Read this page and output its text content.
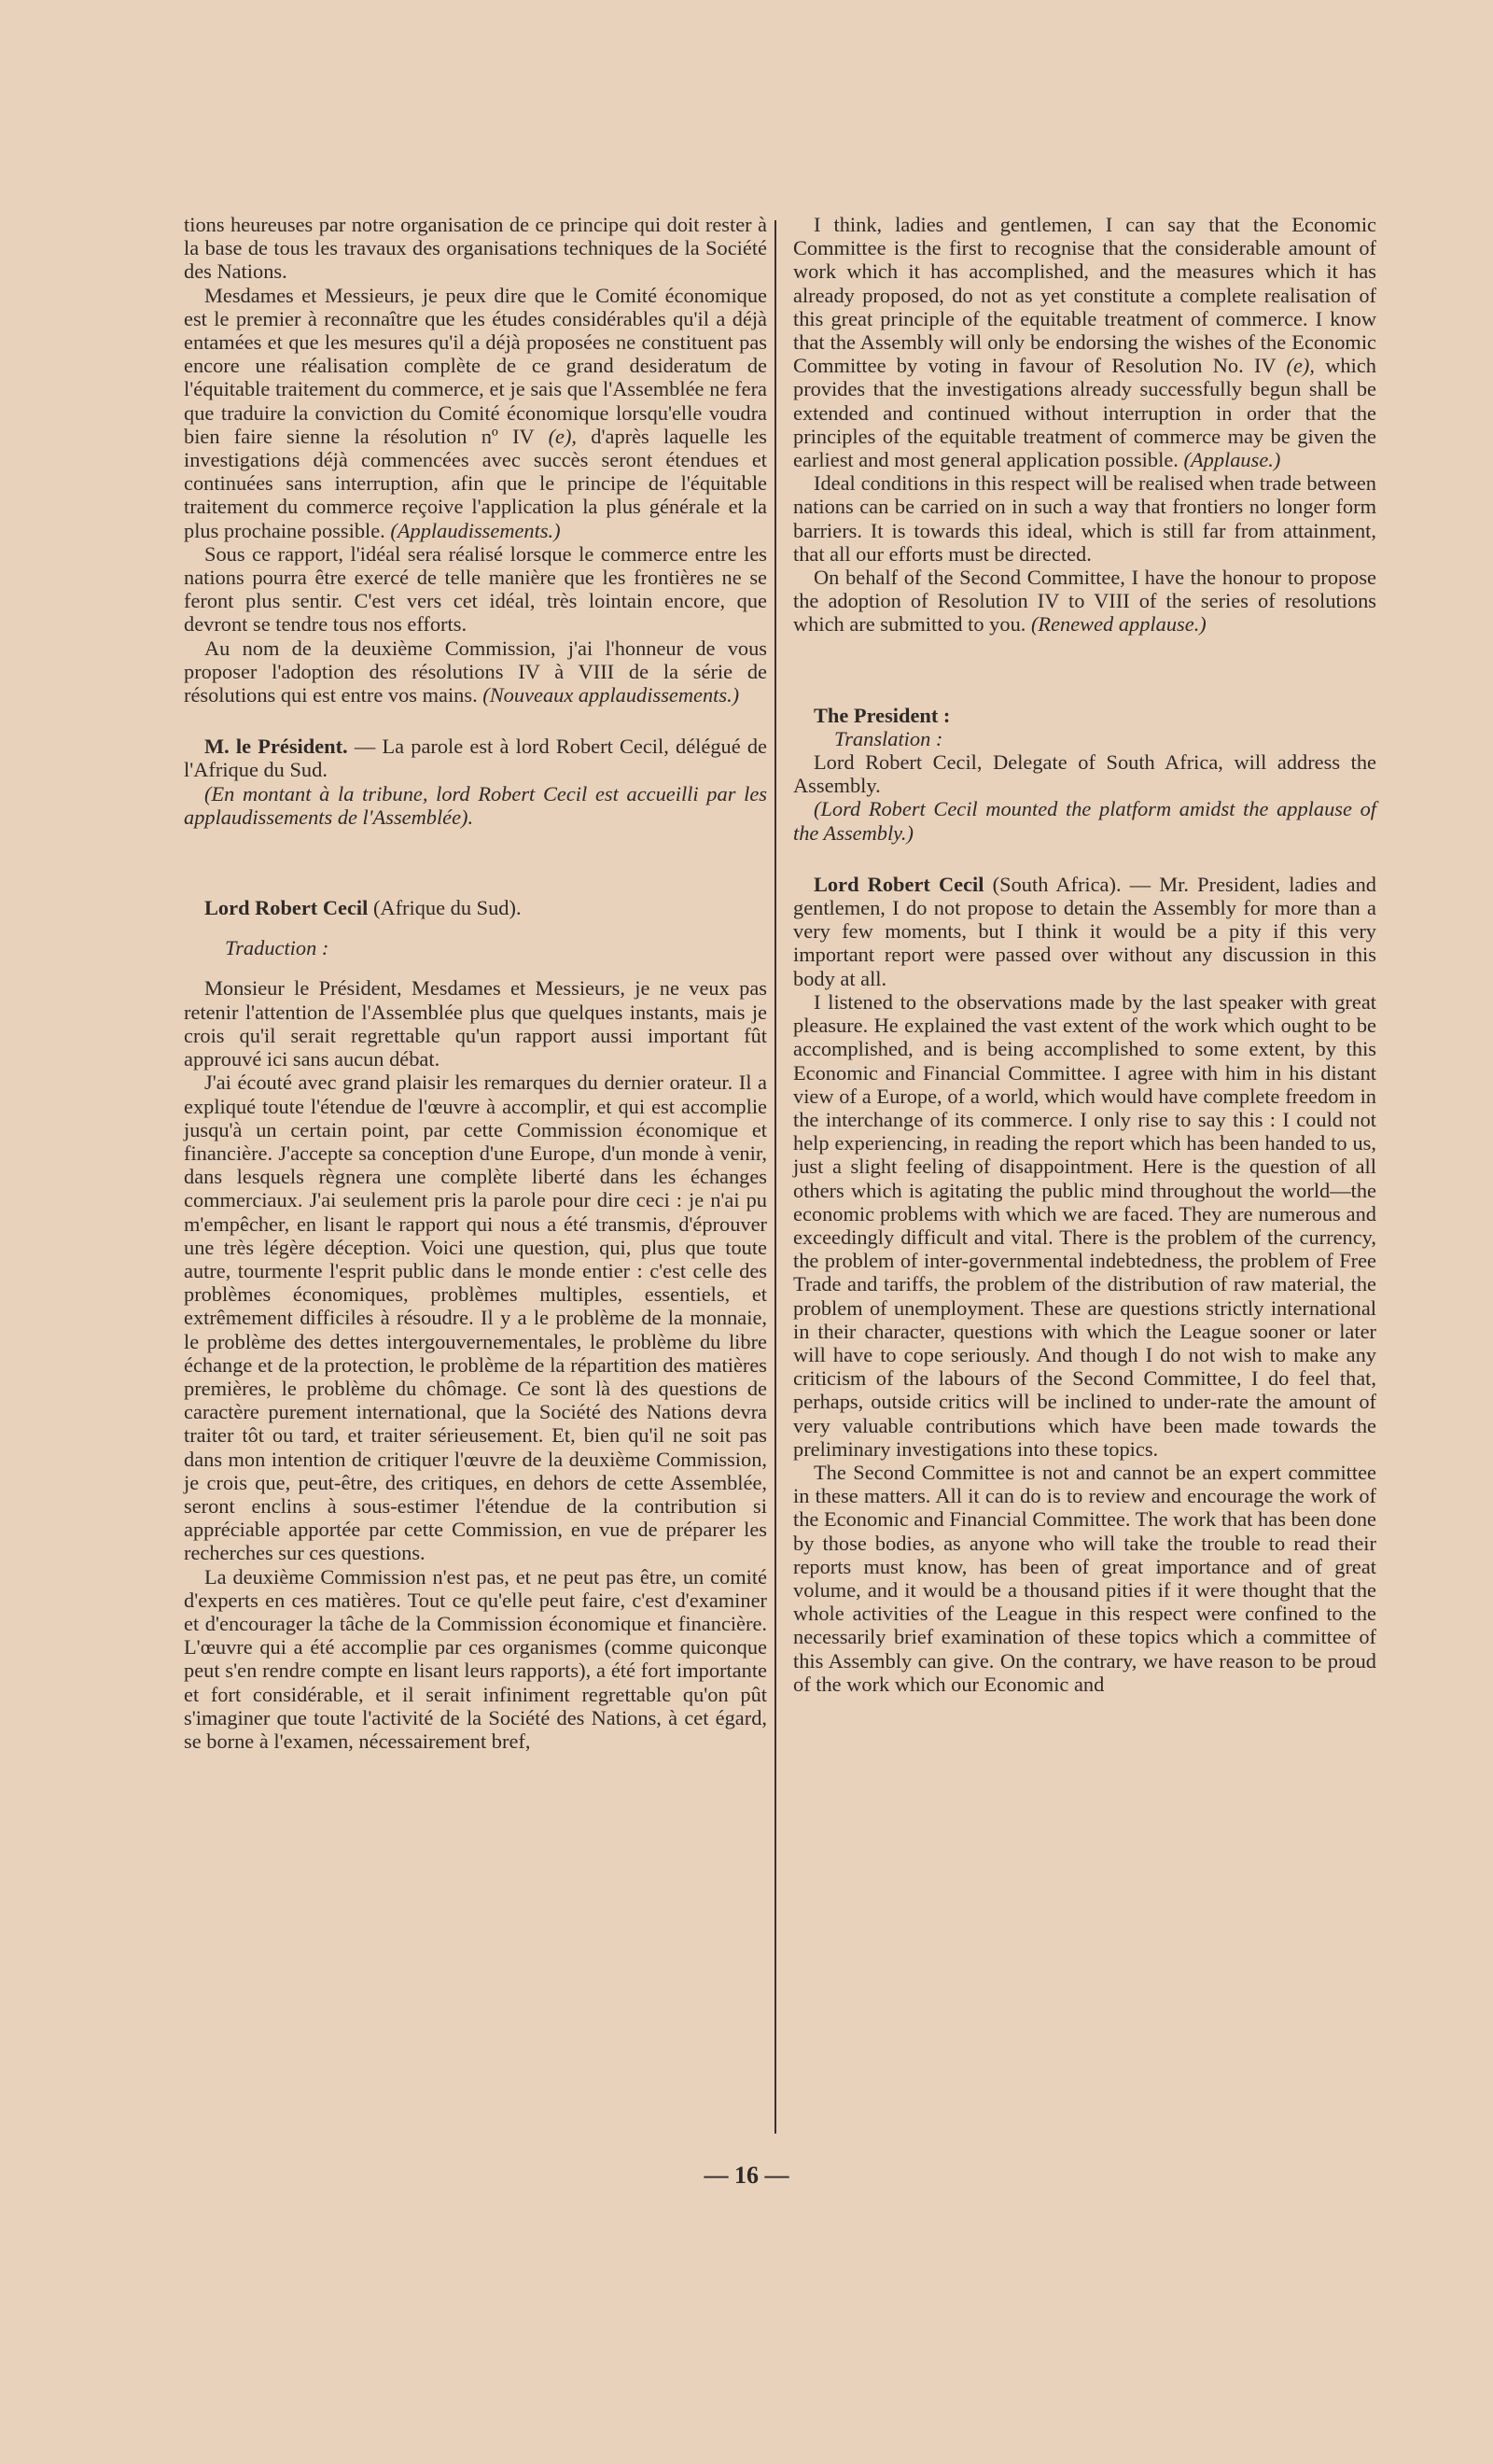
tions heureuses par notre organisation de ce principe qui doit rester à la base de tous les travaux des organisations techniques de la Société des Nations.

Mesdames et Messieurs, je peux dire que le Comité économique est le premier à reconnaître que les études considérables qu'il a déjà entamées et que les mesures qu'il a déjà proposées ne constituent pas encore une réalisation complète de ce grand desideratum de l'équitable traitement du commerce, et je sais que l'Assemblée ne fera que traduire la conviction du Comité économique lorsqu'elle voudra bien faire sienne la résolution nº IV (e), d'après laquelle les investigations déjà commencées avec succès seront étendues et continuées sans interruption, afin que le principe de l'équitable traitement du commerce reçoive l'application la plus générale et la plus prochaine possible. (Applaudissements.)

Sous ce rapport, l'idéal sera réalisé lorsque le commerce entre les nations pourra être exercé de telle manière que les frontières ne se feront plus sentir. C'est vers cet idéal, très lointain encore, que devront se tendre tous nos efforts.

Au nom de la deuxième Commission, j'ai l'honneur de vous proposer l'adoption des résolutions IV à VIII de la série de résolutions qui est entre vos mains. (Nouveaux applaudissements.)

M. le Président. — La parole est à lord Robert Cecil, délégué de l'Afrique du Sud.

(En montant à la tribune, lord Robert Cecil est accueilli par les applaudissements de l'Assemblée).

Lord Robert Cecil (Afrique du Sud).

Traduction :

Monsieur le Président, Mesdames et Messieurs, je ne veux pas retenir l'attention de l'Assemblée plus que quelques instants, mais je crois qu'il serait regrettable qu'un rapport aussi important fût approuvé ici sans aucun débat.

J'ai écouté avec grand plaisir les remarques du dernier orateur. Il a expliqué toute l'étendue de l'œuvre à accomplir, et qui est accomplie jusqu'à un certain point, par cette Commission économique et financière. J'accepte sa conception d'une Europe, d'un monde à venir, dans lesquels règnera une complète liberté dans les échanges commerciaux. J'ai seulement pris la parole pour dire ceci : je n'ai pu m'empêcher, en lisant le rapport qui nous a été transmis, d'éprouver une très légère déception. Voici une question, qui, plus que toute autre, tourmente l'esprit public dans le monde entier : c'est celle des problèmes économiques, problèmes multiples, essentiels, et extrêmement difficiles à résoudre. Il y a le problème de la monnaie, le problème des dettes intergouvernementales, le problème du libre échange et de la protection, le problème de la répartition des matières premières, le problème du chômage. Ce sont là des questions de caractère purement international, que la Société des Nations devra traiter tôt ou tard, et traiter sérieusement. Et, bien qu'il ne soit pas dans mon intention de critiquer l'œuvre de la deuxième Commission, je crois que, peut-être, des critiques, en dehors de cette Assemblée, seront enclins à sous-estimer l'étendue de la contribution si appréciable apportée par cette Commission, en vue de préparer les recherches sur ces questions.

La deuxième Commission n'est pas, et ne peut pas être, un comité d'experts en ces matières. Tout ce qu'elle peut faire, c'est d'examiner et d'encourager la tâche de la Commission économique et financière. L'œuvre qui a été accomplie par ces organismes (comme quiconque peut s'en rendre compte en lisant leurs rapports), a été fort importante et fort considérable, et il serait infiniment regrettable qu'on pût s'imaginer que toute l'activité de la Société des Nations, à cet égard, se borne à l'examen, nécessairement bref,

I think, ladies and gentlemen, I can say that the Economic Committee is the first to recognise that the considerable amount of work which it has accomplished, and the measures which it has already proposed, do not as yet constitute a complete realisation of this great principle of the equitable treatment of commerce. I know that the Assembly will only be endorsing the wishes of the Economic Committee by voting in favour of Resolution No. IV (e), which provides that the investigations already successfully begun shall be extended and continued without interruption in order that the principles of the equitable treatment of commerce may be given the earliest and most general application possible. (Applause.)

Ideal conditions in this respect will be realised when trade between nations can be carried on in such a way that frontiers no longer form barriers. It is towards this ideal, which is still far from attainment, that all our efforts must be directed.

On behalf of the Second Committee, I have the honour to propose the adoption of Resolution IV to VIII of the series of resolutions which are submitted to you. (Renewed applause.)

The President :

Translation :

Lord Robert Cecil, Delegate of South Africa, will address the Assembly.

(Lord Robert Cecil mounted the platform amidst the applause of the Assembly.)

Lord Robert Cecil (South Africa). — Mr. President, ladies and gentlemen, I do not propose to detain the Assembly for more than a very few moments, but I think it would be a pity if this very important report were passed over without any discussion in this body at all.

I listened to the observations made by the last speaker with great pleasure. He explained the vast extent of the work which ought to be accomplished, and is being accomplished to some extent, by this Economic and Financial Committee. I agree with him in his distant view of a Europe, of a world, which would have complete freedom in the interchange of its commerce. I only rise to say this : I could not help experiencing, in reading the report which has been handed to us, just a slight feeling of disappointment. Here is the question of all others which is agitating the public mind throughout the world—the economic problems with which we are faced. They are numerous and exceedingly difficult and vital. There is the problem of the currency, the problem of inter-governmental indebtedness, the problem of Free Trade and tariffs, the problem of the distribution of raw material, the problem of unemployment. These are questions strictly international in their character, questions with which the League sooner or later will have to cope seriously. And though I do not wish to make any criticism of the labours of the Second Committee, I do feel that, perhaps, outside critics will be inclined to under-rate the amount of very valuable contributions which have been made towards the preliminary investigations into these topics.

The Second Committee is not and cannot be an expert committee in these matters. All it can do is to review and encourage the work of the Economic and Financial Committee. The work that has been done by those bodies, as anyone who will take the trouble to read their reports must know, has been of great importance and of great volume, and it would be a thousand pities if it were thought that the whole activities of the League in this respect were confined to the necessarily brief examination of these topics which a committee of this Assembly can give. On the contrary, we have reason to be proud of the work which our Economic and

— 16 —
